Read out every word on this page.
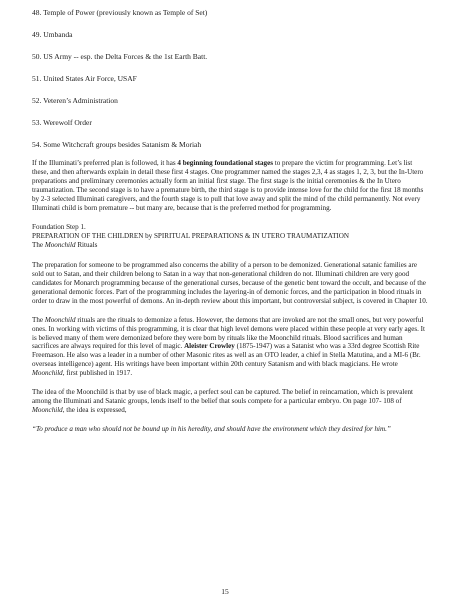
48. Temple of Power (previously known as Temple of Set)

49. Umbanda

50. US Army -- esp. the Delta Forces & the 1st Earth Batt.

51. United States Air Force, USAF

52. Veteren’s Administration

53. Werewolf Order

54. Some Witchcraft groups besides Satanism & Moriah

If the Illuminati’s preferred plan is followed, it has 4 beginning foundational stages to prepare the victim for programming. Let’s list these, and then afterwards explain in detail these first 4 stages. One programmer named the stages 2,3, 4 as stages 1, 2, 3, but the In-Utero preparations and preliminary ceremonies actually form an initial first stage. The first stage is the initial ceremonies & the In Utero traumatization. The second stage is to have a premature birth, the third stage is to provide intense love for the child for the first 18 months by 2-3 selected Illuminati caregivers, and the fourth stage is to pull that love away and split the mind of the child permanently. Not every Illuminati child is born premature -- but many are, because that is the preferred method for programming.

Foundation Step 1.
PREPARATION OF THE CHILDREN by SPIRITUAL PREPARATIONS & IN UTERO TRAUMATIZATION
The Moonchild Rituals

The preparation for someone to be programmed also concerns the ability of a person to be demonized. Generational satanic families are sold out to Satan, and their children belong to Satan in a way that non-generational children do not. Illuminati children are very good candidates for Monarch programming because of the generational curses, because of the genetic bent toward the occult, and because of the generational demonic forces. Part of the programming includes the layering-in of demonic forces, and the participation in blood rituals in order to draw in the most powerful of demons. An in-depth review about this important, but controversial subject, is covered in Chapter 10.

The Moonchild rituals are the rituals to demonize a fetus. However, the demons that are invoked are not the small ones, but very powerful ones. In working with victims of this programming, it is clear that high level demons were placed within these people at very early ages. It is believed many of them were demonized before they were born by rituals like the Moonchild rituals. Blood sacrifices and human sacrifices are always required for this level of magic. Aleister Crowley (1875-1947) was a Satanist who was a 33rd degree Scottish Rite Freemason. He also was a leader in a number of other Masonic rites as well as an OTO leader, a chief in Stella Matutina, and a MI-6 (Br. overseas intelligence) agent. His writings have been important within 20th century Satanism and with black magicians. He wrote Moonchild, first published in 1917.

The idea of the Moonchild is that by use of black magic, a perfect soul can be captured. The belief in reincarnation, which is prevalent among the Illuminati and Satanic groups, lends itself to the belief that souls compete for a particular embryo. On page 107- 108 of Moonchild, the idea is expressed,

“To produce a man who should not be bound up in his heredity, and should have the environment which they desired for him.”

15
